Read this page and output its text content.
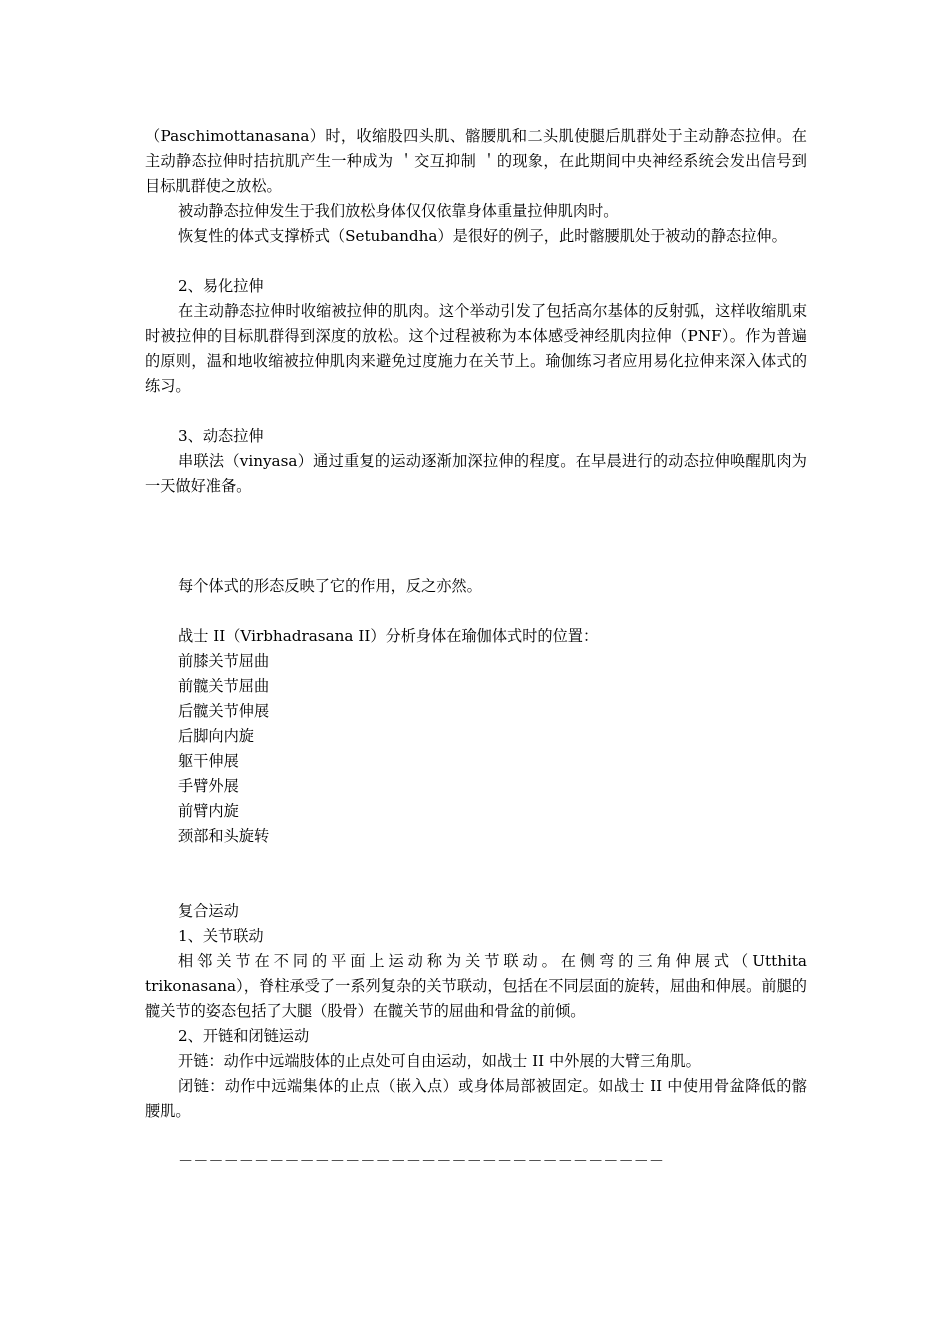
（Paschimottanasana）时，收缩股四头肌、髂腰肌和二头肌使腿后肌群处于主动静态拉伸。在主动静态拉伸时拮抗肌产生一种成为 ＇交互抑制 ＇的现象，在此期间中央神经系统会发出信号到目标肌群使之放松。

被动静态拉伸发生于我们放松身体仅仅依靠身体重量拉伸肌肉时。

恢复性的体式支撑桥式（Setubandha）是很好的例子，此时髂腰肌处于被动的静态拉伸。

2、易化拉伸

在主动静态拉伸时收缩被拉伸的肌肉。这个举动引发了包括高尔基体的反射弧，这样收缩肌束时被拉伸的目标肌群得到深度的放松。这个过程被称为本体感受神经肌肉拉伸（PNF）。作为普遍的原则，温和地收缩被拉伸肌肉来避免过度施力在关节上。瑜伽练习者应用易化拉伸来深入体式的练习。

3、动态拉伸

串联法（vinyasa）通过重复的运动逐渐加深拉伸的程度。在早晨进行的动态拉伸唤醒肌肉为一天做好准备。

每个体式的形态反映了它的作用，反之亦然。

战士 II（Virbhadrasana II）分析身体在瑜伽体式时的位置：

前膝关节屈曲

前髋关节屈曲

后髋关节伸展

后脚向内旋

躯干伸展

手臂外展

前臂内旋

颈部和头旋转

复合运动

1、关节联动

相邻关节在不同的平面上运动称为关节联动。在侧弯的三角伸展式（Utthita trikonasana），脊柱承受了一系列复杂的关节联动，包括在不同层面的旋转，屈曲和伸展。前腿的髋关节的姿态包括了大腿（股骨）在髋关节的屈曲和骨盆的前倾。

2、开链和闭链运动

开链：动作中远端肢体的止点处可自由运动，如战士 II 中外展的大臂三角肌。

闭链：动作中远端集体的止点（嵌入点）或身体局部被固定。如战士 II 中使用骨盆降低的髂腰肌。

－－－－－－－－－－－－－－－－－－－－－－－－－－－－－－－－
